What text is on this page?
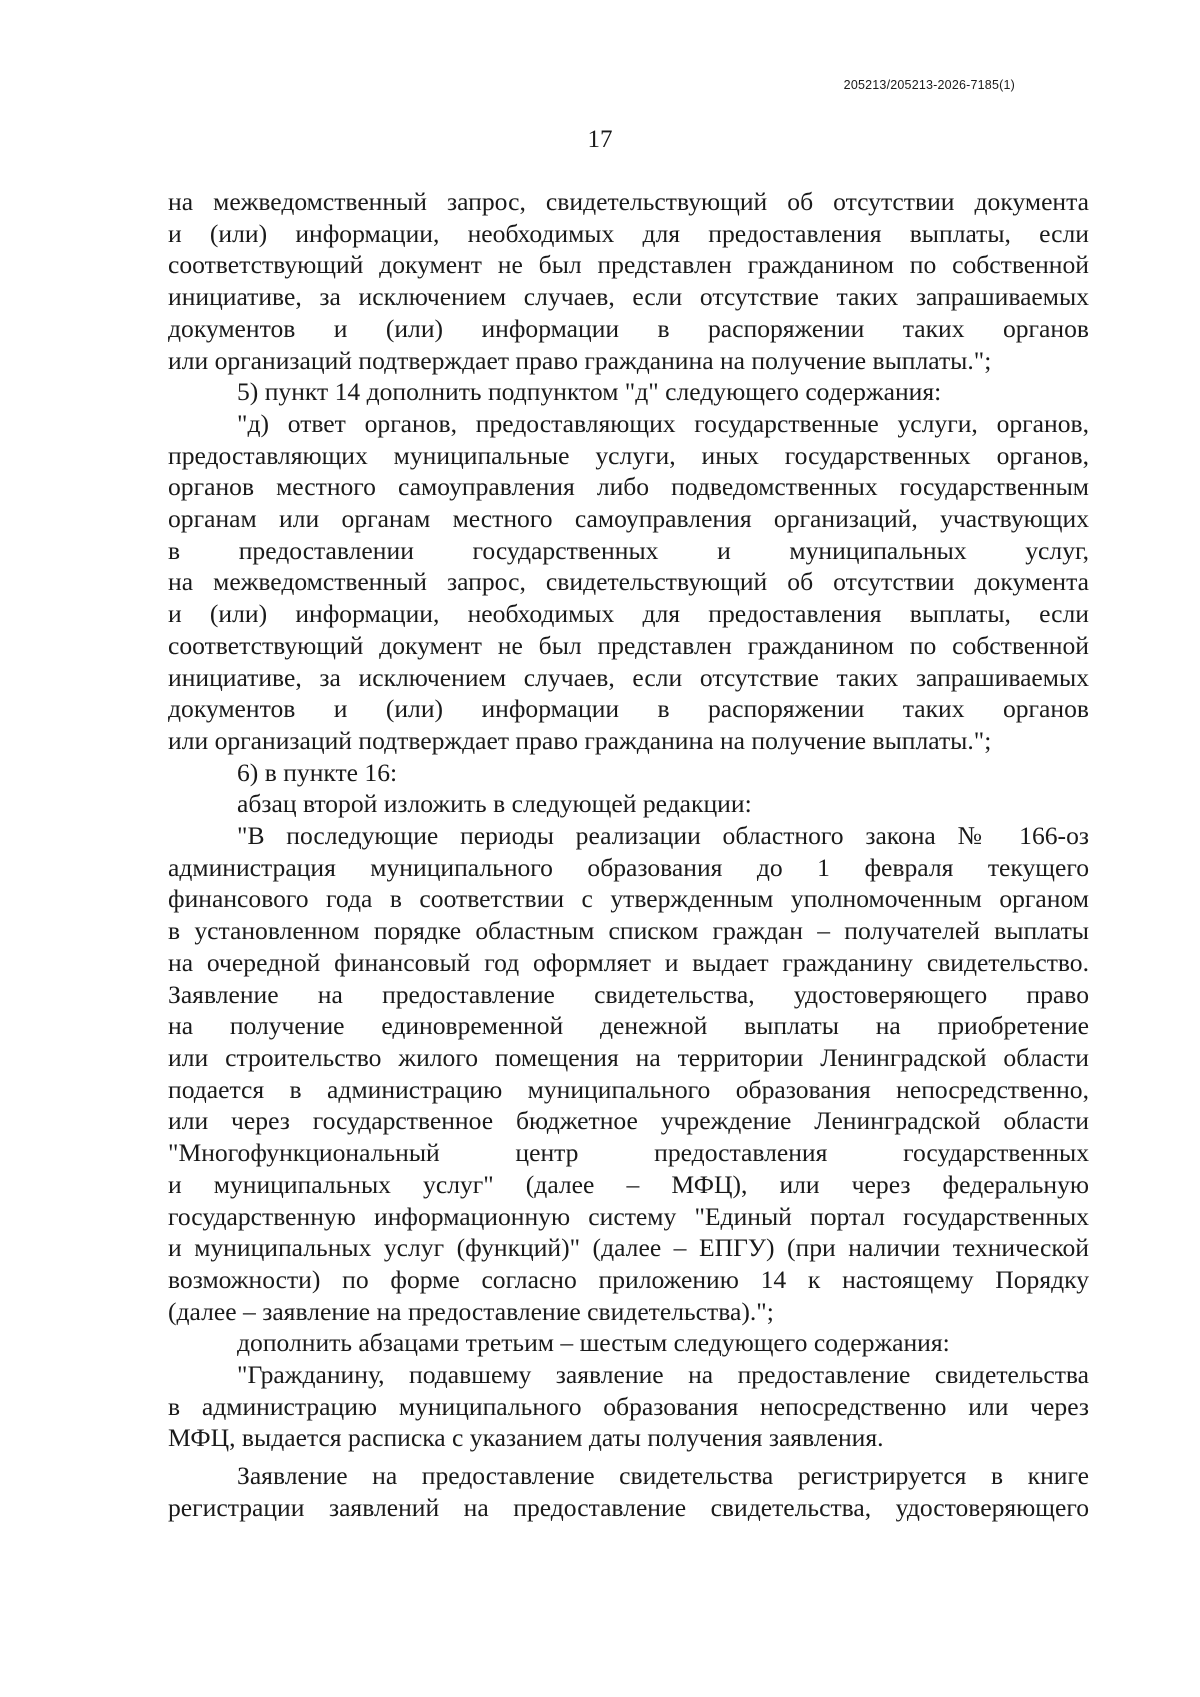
205213/205213-2026-7185(1)
17

на межведомственный запрос, свидетельствующий об отсутствии документа

и (или) информации, необходимых для предоставления выплаты, если

соответствующий документ не был представлен гражданином по собственной

инициативе, за исключением случаев, если отсутствие таких запрашиваемых

документов и (или) информации в распоряжении таких органов

или организаций подтверждает право гражданина на получение выплаты.";

5) пункт 14 дополнить подпунктом "д" следующего содержания:

"д) ответ органов, предоставляющих государственные услуги, органов,

предоставляющих муниципальные услуги, иных государственных органов,

органов местного самоуправления либо подведомственных государственным

органам или органам местного самоуправления организаций, участвующих

в предоставлении государственных и муниципальных услуг,

на межведомственный запрос, свидетельствующий об отсутствии документа

и (или) информации, необходимых для предоставления выплаты, если

соответствующий документ не был представлен гражданином по собственной

инициативе, за исключением случаев, если отсутствие таких запрашиваемых

документов и (или) информации в распоряжении таких органов

или организаций подтверждает право гражданина на получение выплаты.";

6) в пункте 16:

абзац второй изложить в следующей редакции:

"В последующие периоды реализации областного закона № 166-оз

администрация муниципального образования до 1 февраля текущего

финансового года в соответствии с утвержденным уполномоченным органом

в установленном порядке областным списком граждан – получателей выплаты

на очередной финансовый год оформляет и выдает гражданину свидетельство.

Заявление на предоставление свидетельства, удостоверяющего право

на получение единовременной денежной выплаты на приобретение

или строительство жилого помещения на территории Ленинградской области

подается в администрацию муниципального образования непосредственно,

или через государственное бюджетное учреждение Ленинградской области

"Многофункциональный центр предоставления государственных

и муниципальных услуг" (далее – МФЦ), или через федеральную

государственную информационную систему "Единый портал государственных

и муниципальных услуг (функций)" (далее – ЕПГУ) (при наличии технической

возможности) по форме согласно приложению 14 к настоящему Порядку

(далее – заявление на предоставление свидетельства).";

дополнить абзацами третьим – шестым следующего содержания:

"Гражданину, подавшему заявление на предоставление свидетельства

в администрацию муниципального образования непосредственно или через

МФЦ, выдается расписка с указанием даты получения заявления.

Заявление на предоставление свидетельства регистрируется в книге

регистрации заявлений на предоставление свидетельства, удостоверяющего
